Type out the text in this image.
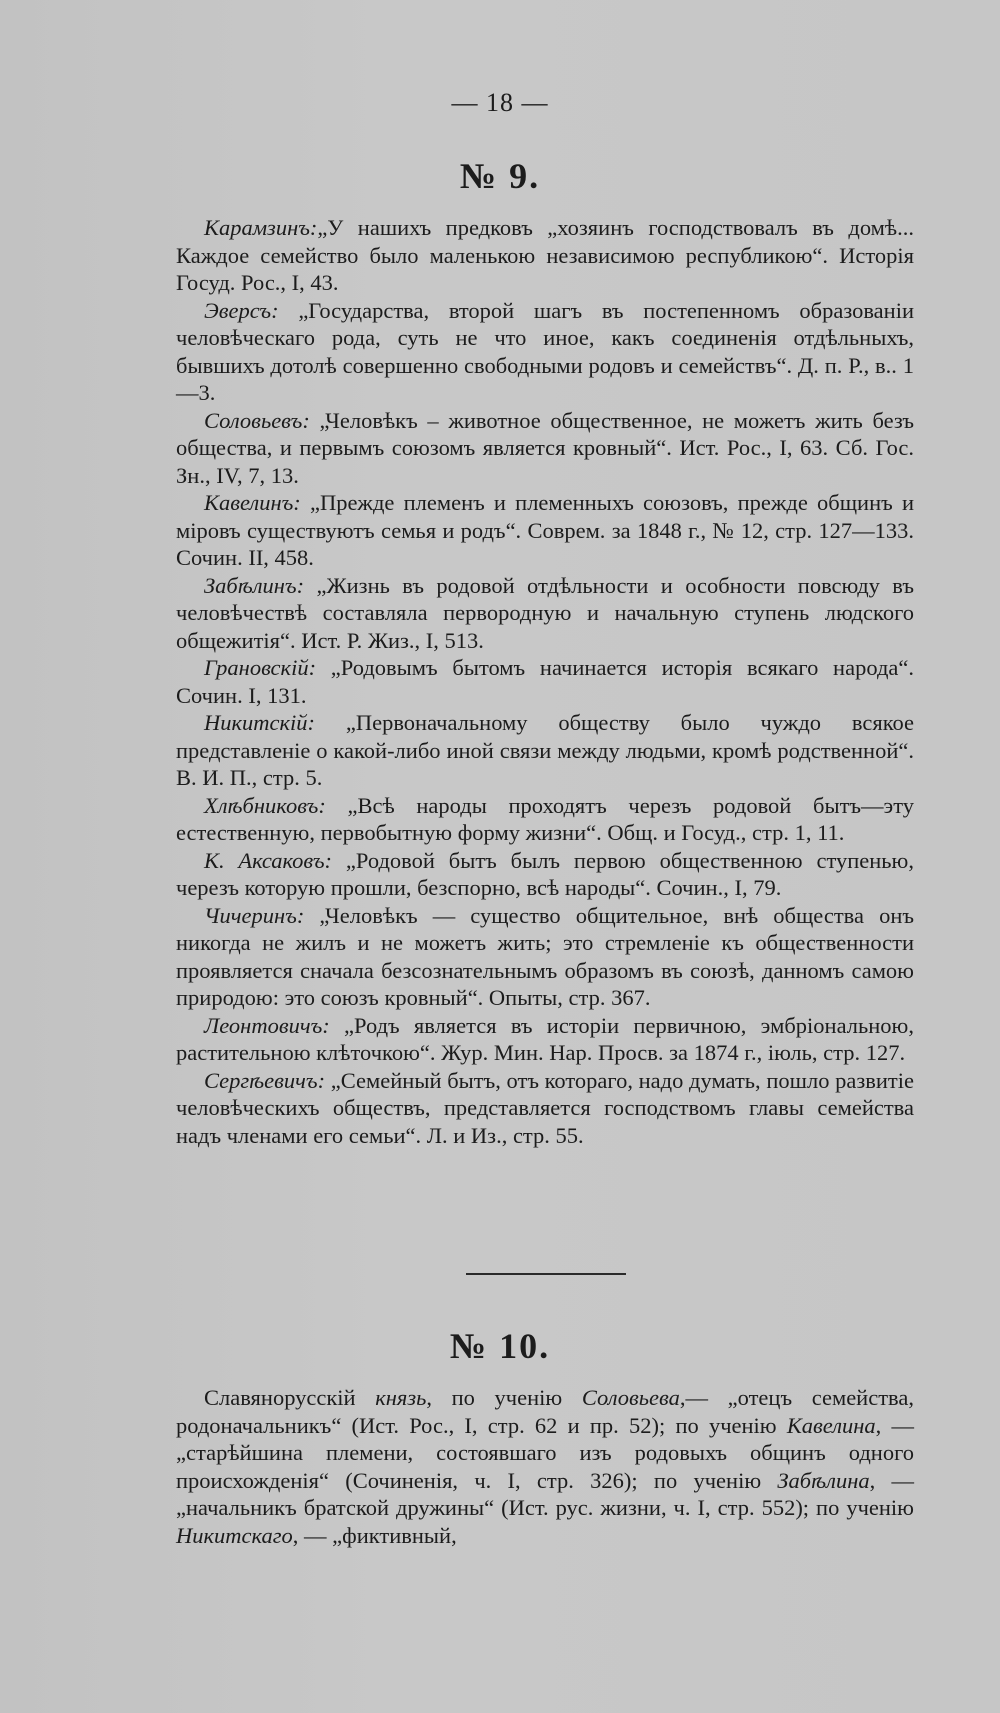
— 18 —
№ 9.

Карамзинъ:„У нашихъ предковъ „хозяинъ господствовалъ въ домѣ... Каждое семейство было маленькою независимою республикою“. Исторія Госуд. Рос., I, 43.

Эверсъ: „Государства, второй шагъ въ постепенномъ образованіи человѣческаго рода, суть не что иное, какъ соединенія отдѣльныхъ, бывшихъ дотолѣ совершенно свободными родовъ и семействъ“. Д. п. Р., в.. 1—3.

Соловьевъ: „Человѣкъ – животное общественное, не можетъ жить безъ общества, и первымъ союзомъ является кровный“. Ист. Рос., I, 63. Сб. Гос. Зн., IV, 7, 13.

Кавелинъ: „Прежде племенъ и племенныхъ союзовъ, прежде общинъ и міровъ существуютъ семья и родъ“. Соврем. за 1848 г., № 12, стр. 127—133. Сочин. II, 458.

Забѣлинъ: „Жизнь въ родовой отдѣльности и особности повсюду въ человѣчествѣ составляла первородную и начальную ступень людского общежитія“. Ист. Р. Жиз., I, 513.

Грановскій: „Родовымъ бытомъ начинается исторія всякаго народа“. Сочин. I, 131.

Никитскій: „Первоначальному обществу было чуждо всякое представленіе о какой-либо иной связи между людьми, кромѣ родственной“. В. И. П., стр. 5.

Хлѣбниковъ: „Всѣ народы проходятъ черезъ родовой бытъ—эту естественную, первобытную форму жизни“. Общ. и Госуд., стр. 1, 11.

К. Аксаковъ: „Родовой бытъ былъ первою общественною ступенью, черезъ которую прошли, безспорно, всѣ народы“. Сочин., I, 79.

Чичеринъ: „Человѣкъ — существо общительное, внѣ общества онъ никогда не жилъ и не можетъ жить; это стремленіе къ общественности проявляется сначала безсознательнымъ образомъ въ союзѣ, данномъ самою природою: это союзъ кровный“. Опыты, стр. 367.

Леонтовичъ: „Родъ является въ исторіи первичною, эмбріональною, растительною клѣточкою“. Жур. Мин. Нар. Просв. за 1874 г., іюль, стр. 127.

Сергѣевичъ: „Семейный бытъ, отъ котораго, надо думать, пошло развитіе человѣческихъ обществъ, представляется господствомъ главы семейства надъ членами его семьи“. Л. и Из., стр. 55.

№ 10.

Славянорусскій князь, по ученію Соловьева,— „отецъ семейства, родоначальникъ“ (Ист. Рос., I, стр. 62 и пр. 52); по ученію Кавелина, — „старѣйшина племени, состоявшаго изъ родовыхъ общинъ одного происхожденія“ (Сочиненія, ч. I, стр. 326); по ученію Забѣлина, — „начальникъ братской дружины“ (Ист. рус. жизни, ч. I, стр. 552); по ученію Никитскаго, — „фиктивный,
